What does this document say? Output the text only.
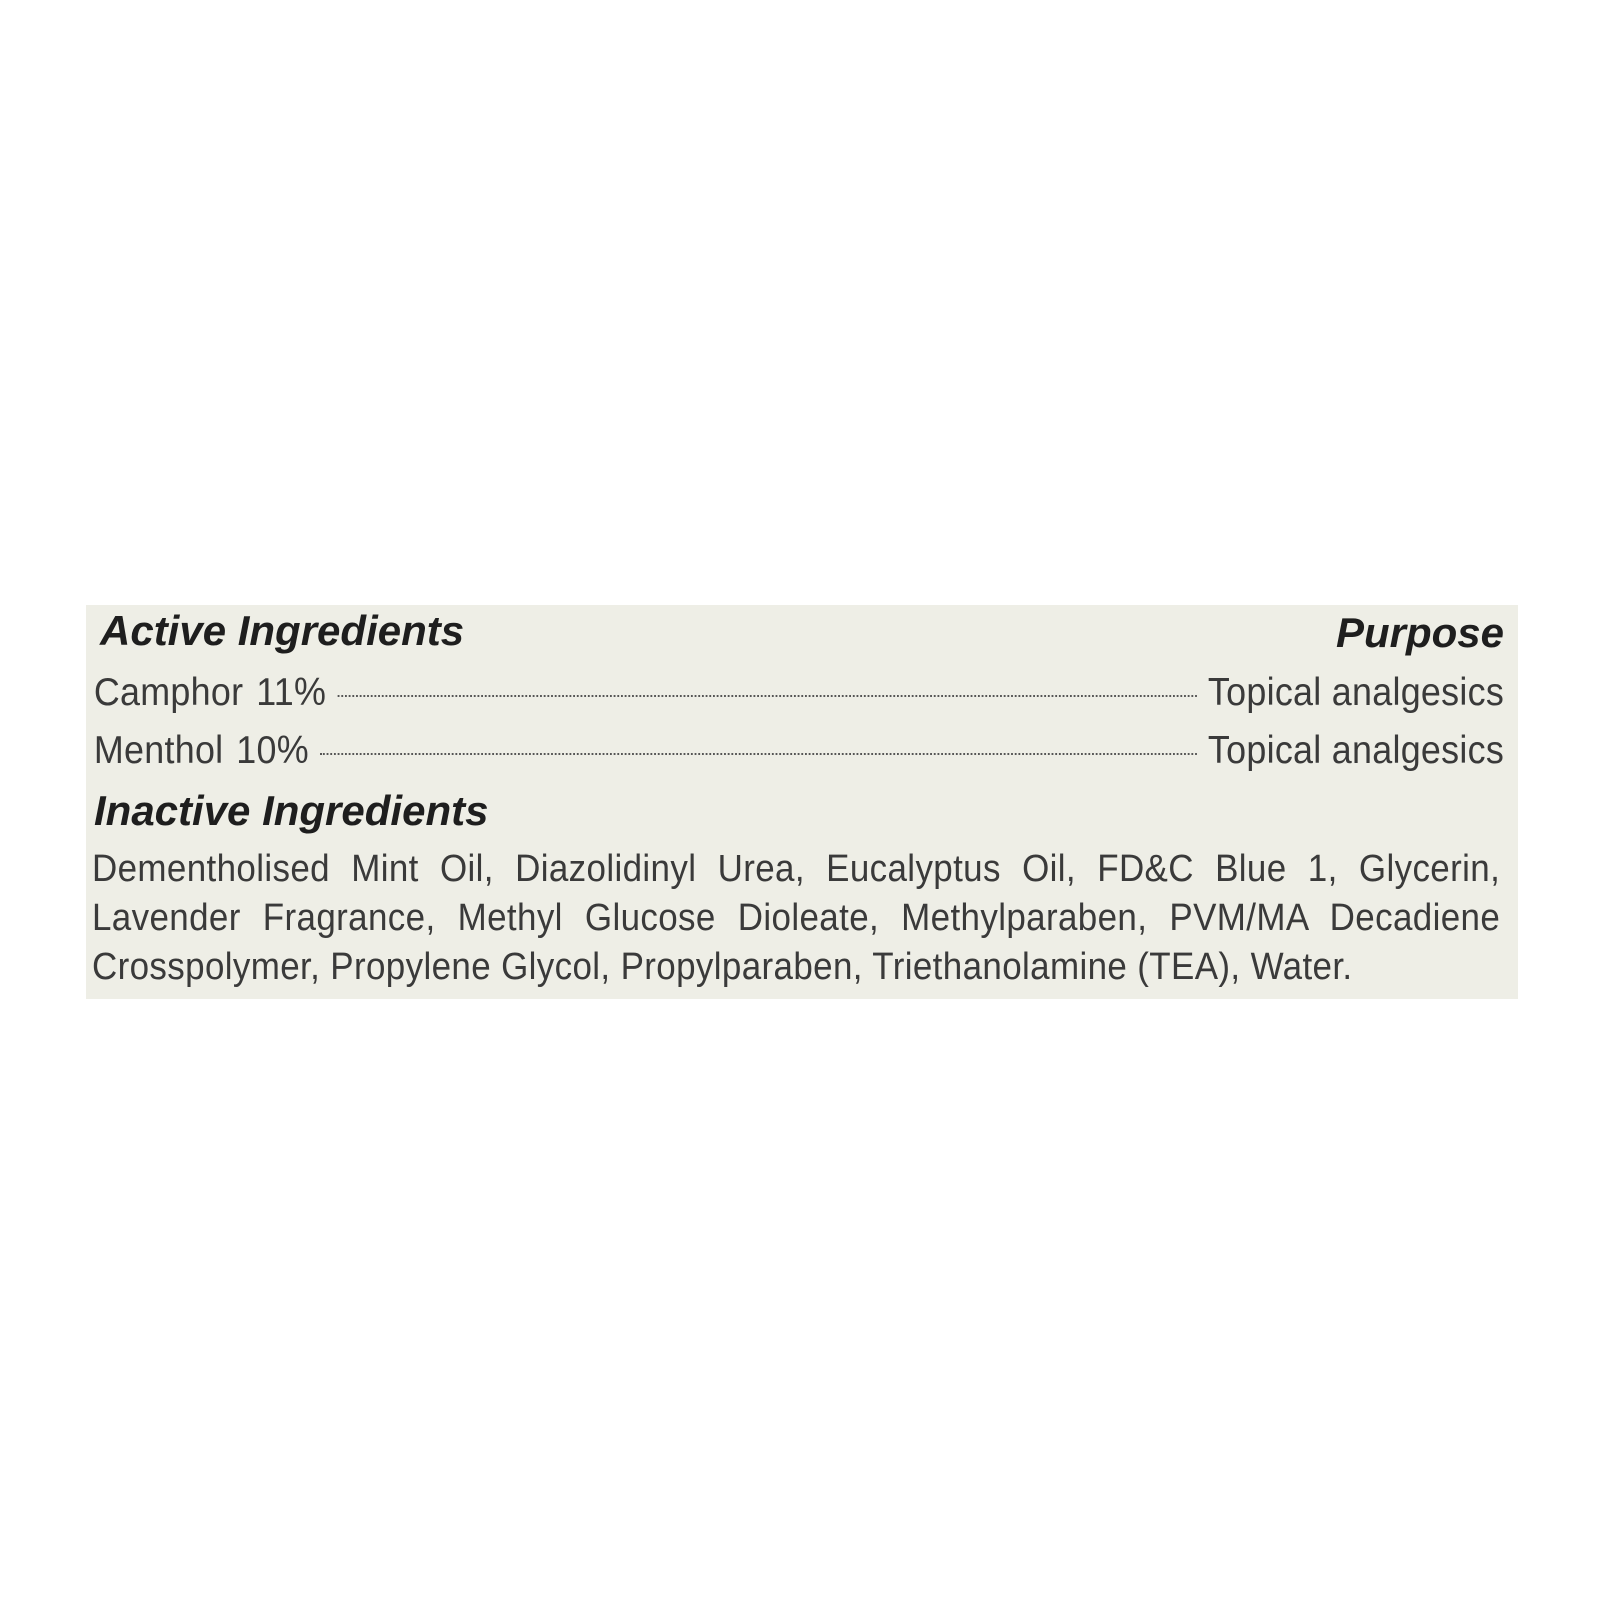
Active Ingredients	Purpose
Camphor 11%	Topical analgesics
Menthol 10%	Topical analgesics
Inactive Ingredients
Dementholised Mint Oil, Diazolidinyl Urea, Eucalyptus Oil, FD&C Blue 1, Glycerin, Lavender Fragrance, Methyl Glucose Dioleate, Methylparaben, PVM/MA Decadiene Crosspolymer, Propylene Glycol, Propylparaben, Triethanolamine (TEA), Water.
